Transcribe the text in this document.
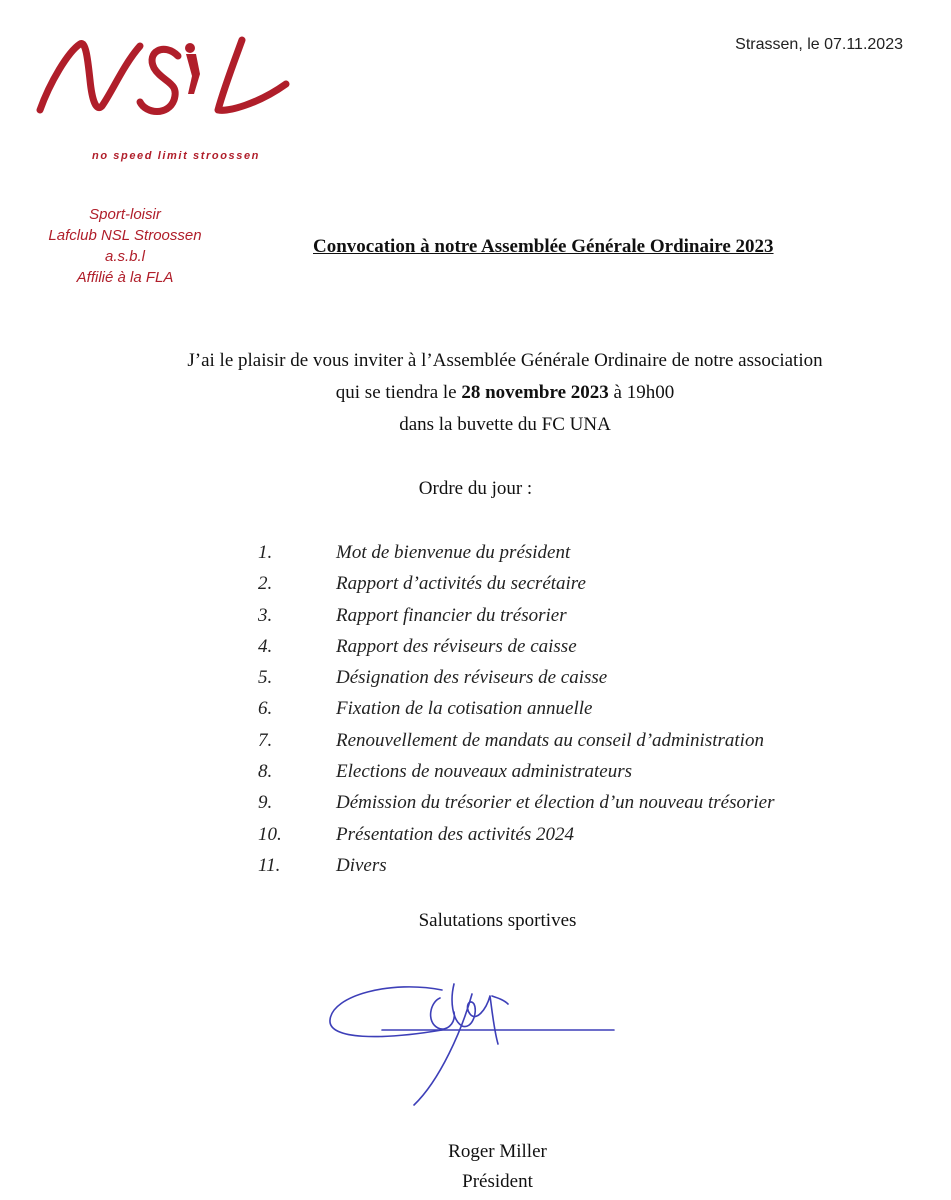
no speed limit stroossen
Sport-loisir
Lafclub NSL Stroossen
a.s.b.l
Affilié à la FLA
Strassen, le 07.11.2023
Convocation à notre Assemblée Générale Ordinaire 2023
J’ai le plaisir de vous inviter à l’Assemblée Générale Ordinaire de notre association
qui se tiendra le 28 novembre 2023 à 19h00
dans la buvette du FC UNA
Ordre du jour :
1.	Mot de bienvenue du président
2.	Rapport d’activités du secrétaire
3.	Rapport financier du trésorier
4.	Rapport des réviseurs de caisse
5.	Désignation des réviseurs de caisse
6.	Fixation de la cotisation annuelle
7.	Renouvellement de mandats au conseil d’administration
8.	Elections de nouveaux administrateurs
9.	Démission du trésorier et élection d’un nouveau trésorier
10.	Présentation des activités 2024
11.	Divers
Salutations sportives
Roger Miller
Président
